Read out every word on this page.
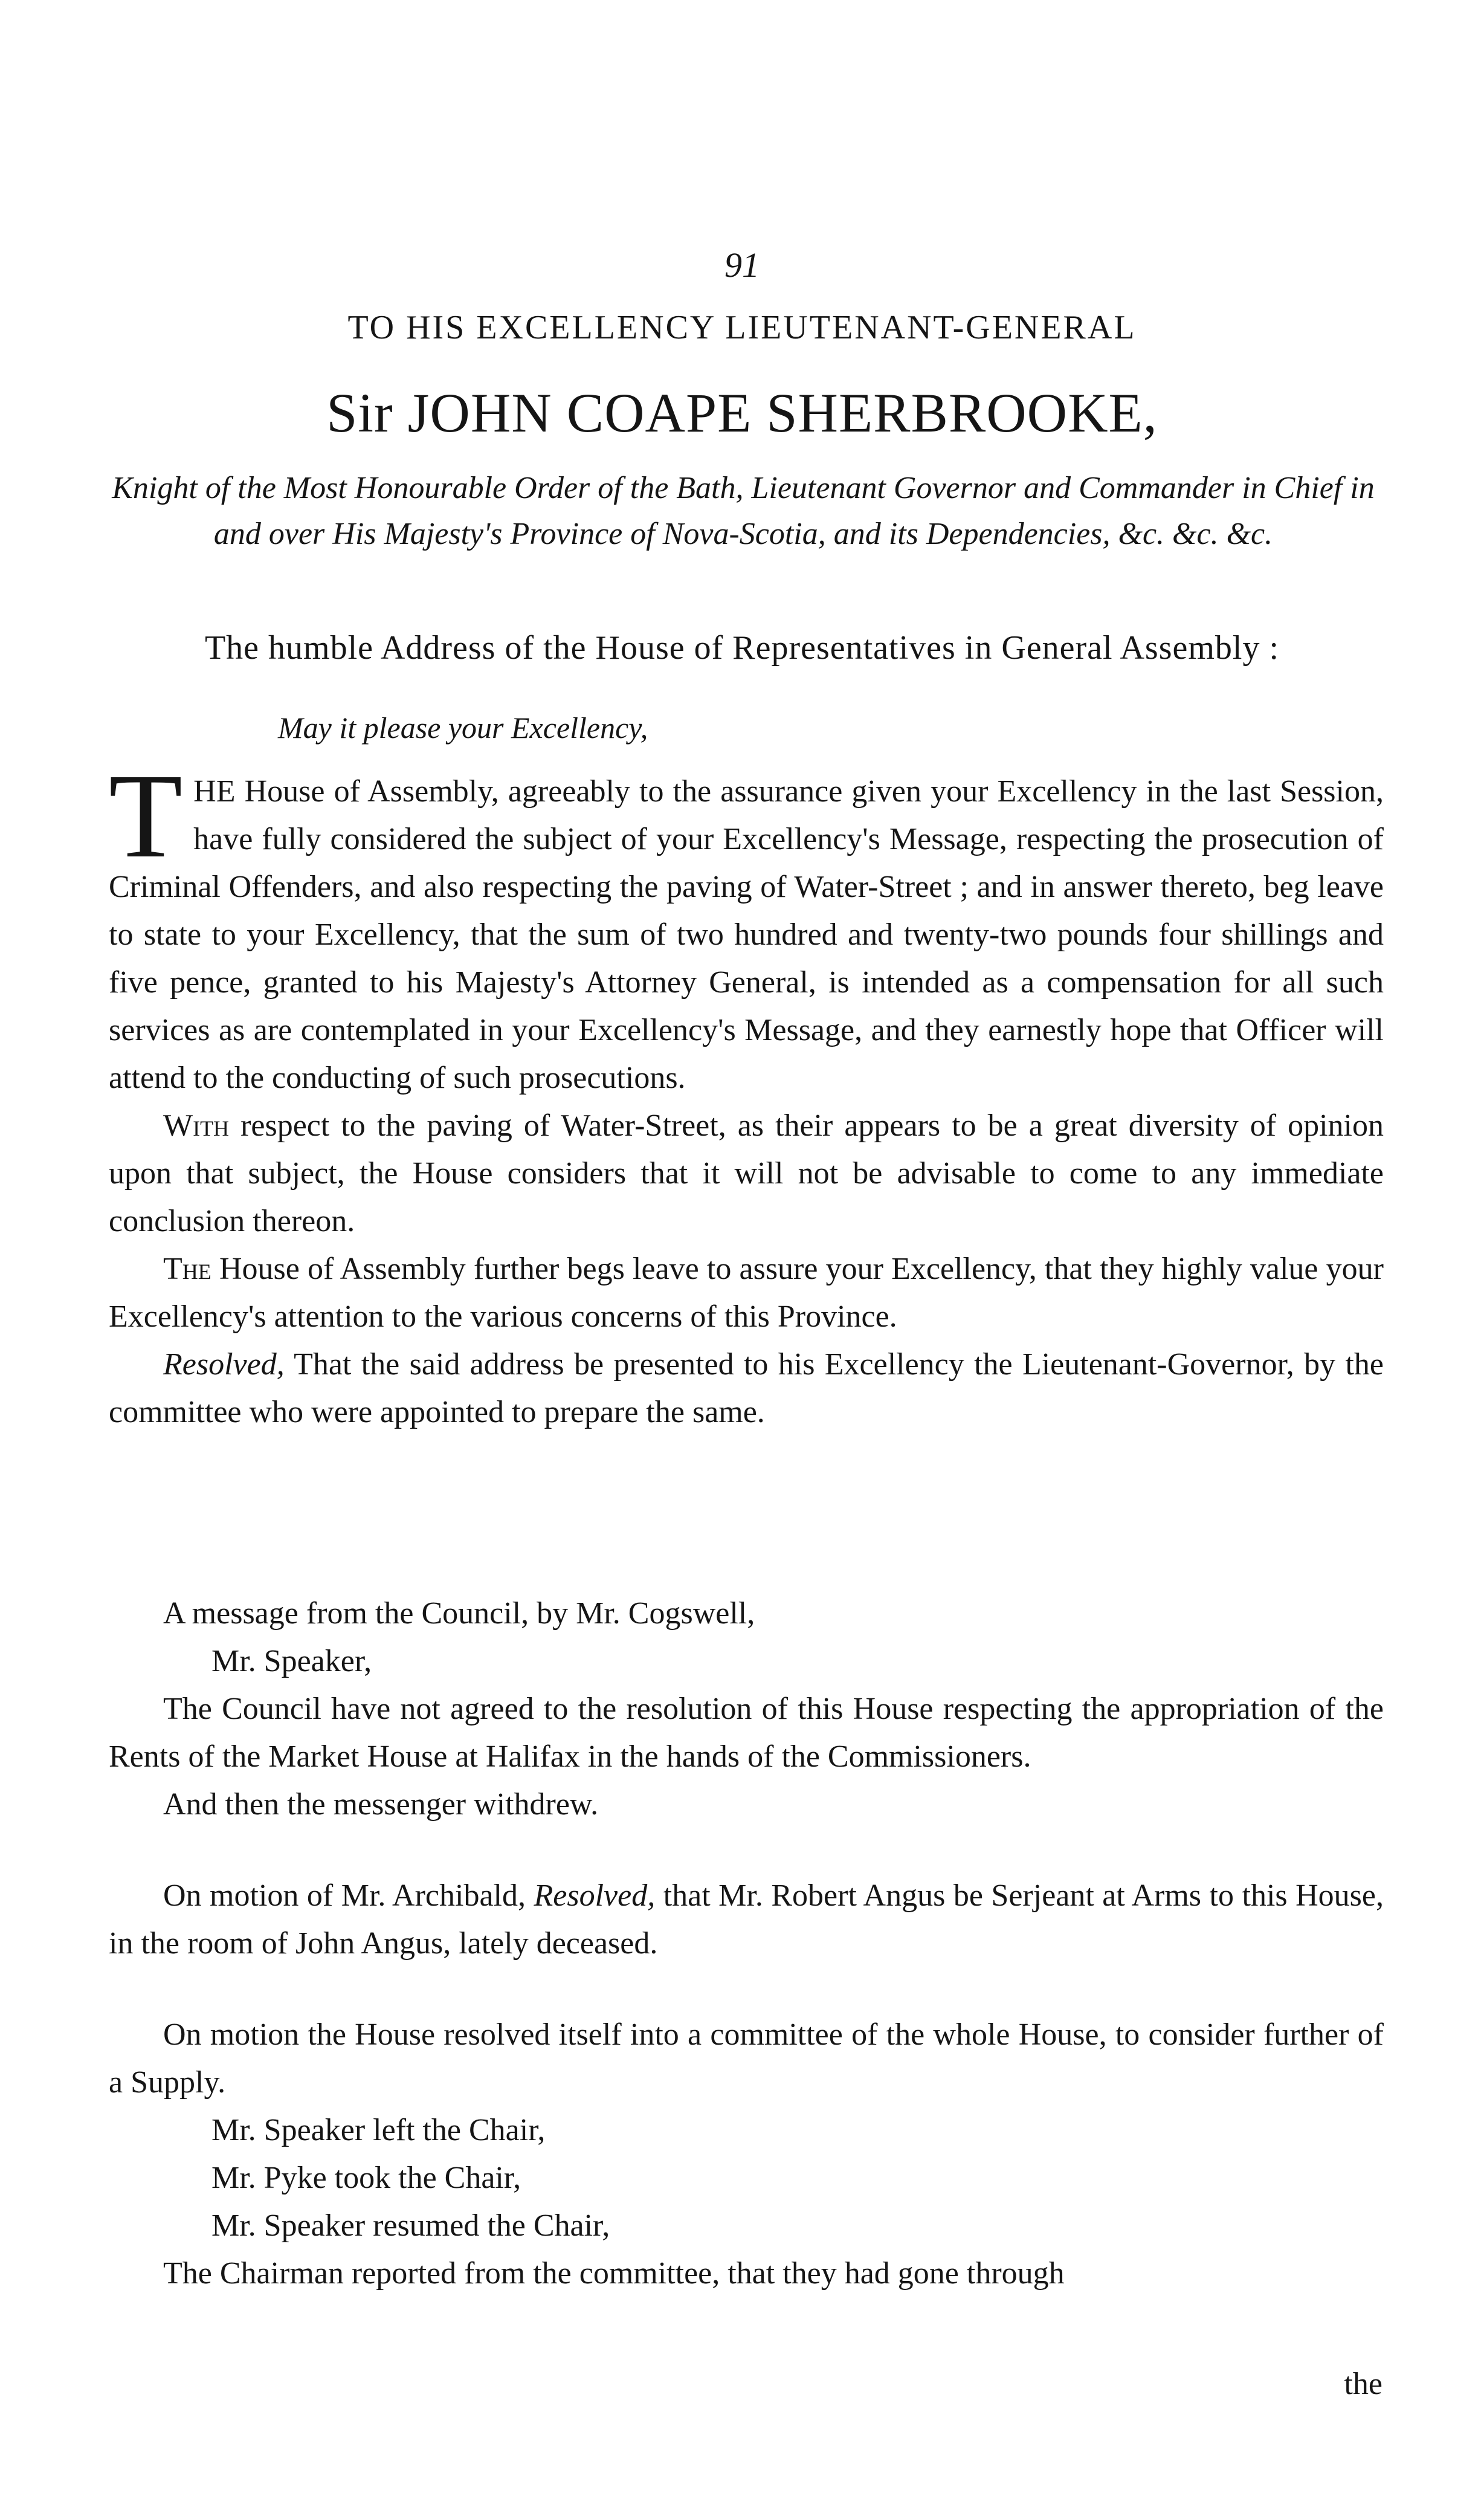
91
TO HIS EXCELLENCY LIEUTENANT-GENERAL
Sir JOHN COAPE SHERBROOKE,
Knight of the Most Honourable Order of the Bath, Lieutenant Governor and Commander in Chief in and over His Majesty's Province of Nova-Scotia, and its Dependencies, &c. &c. &c.
The humble Address of the House of Representatives in General Assembly :
May it please your Excellency,

THE House of Assembly, agreeably to the assurance given your Excellency in the last Session, have fully considered the subject of your Excellency's Message, respecting the prosecution of Criminal Offenders, and also respecting the paving of Water-Street ; and in answer thereto, beg leave to state to your Excellency, that the sum of two hundred and twenty-two pounds four shillings and five pence, granted to his Majesty's Attorney General, is intended as a compensation for all such services as are contemplated in your Excellency's Message, and they earnestly hope that Officer will attend to the conducting of such prosecutions.

With respect to the paving of Water-Street, as their appears to be a great diversity of opinion upon that subject, the House considers that it will not be advisable to come to any immediate conclusion thereon.

The House of Assembly further begs leave to assure your Excellency, that they highly value your Excellency's attention to the various concerns of this Province.

Resolved, That the said address be presented to his Excellency the Lieutenant-Governor, by the committee who were appointed to prepare the same.

A message from the Council, by Mr. Cogswell,
Mr. Speaker,

The Council have not agreed to the resolution of this House respecting the appropriation of the Rents of the Market House at Halifax in the hands of the Commissioners.

And then the messenger withdrew.

On motion of Mr. Archibald, Resolved, that Mr. Robert Angus be Serjeant at Arms to this House, in the room of John Angus, lately deceased.

On motion the House resolved itself into a committee of the whole House, to consider further of a Supply.

Mr. Speaker left the Chair,
Mr. Pyke took the Chair,
Mr. Speaker resumed the Chair,

The Chairman reported from the committee, that they had gone through

the
